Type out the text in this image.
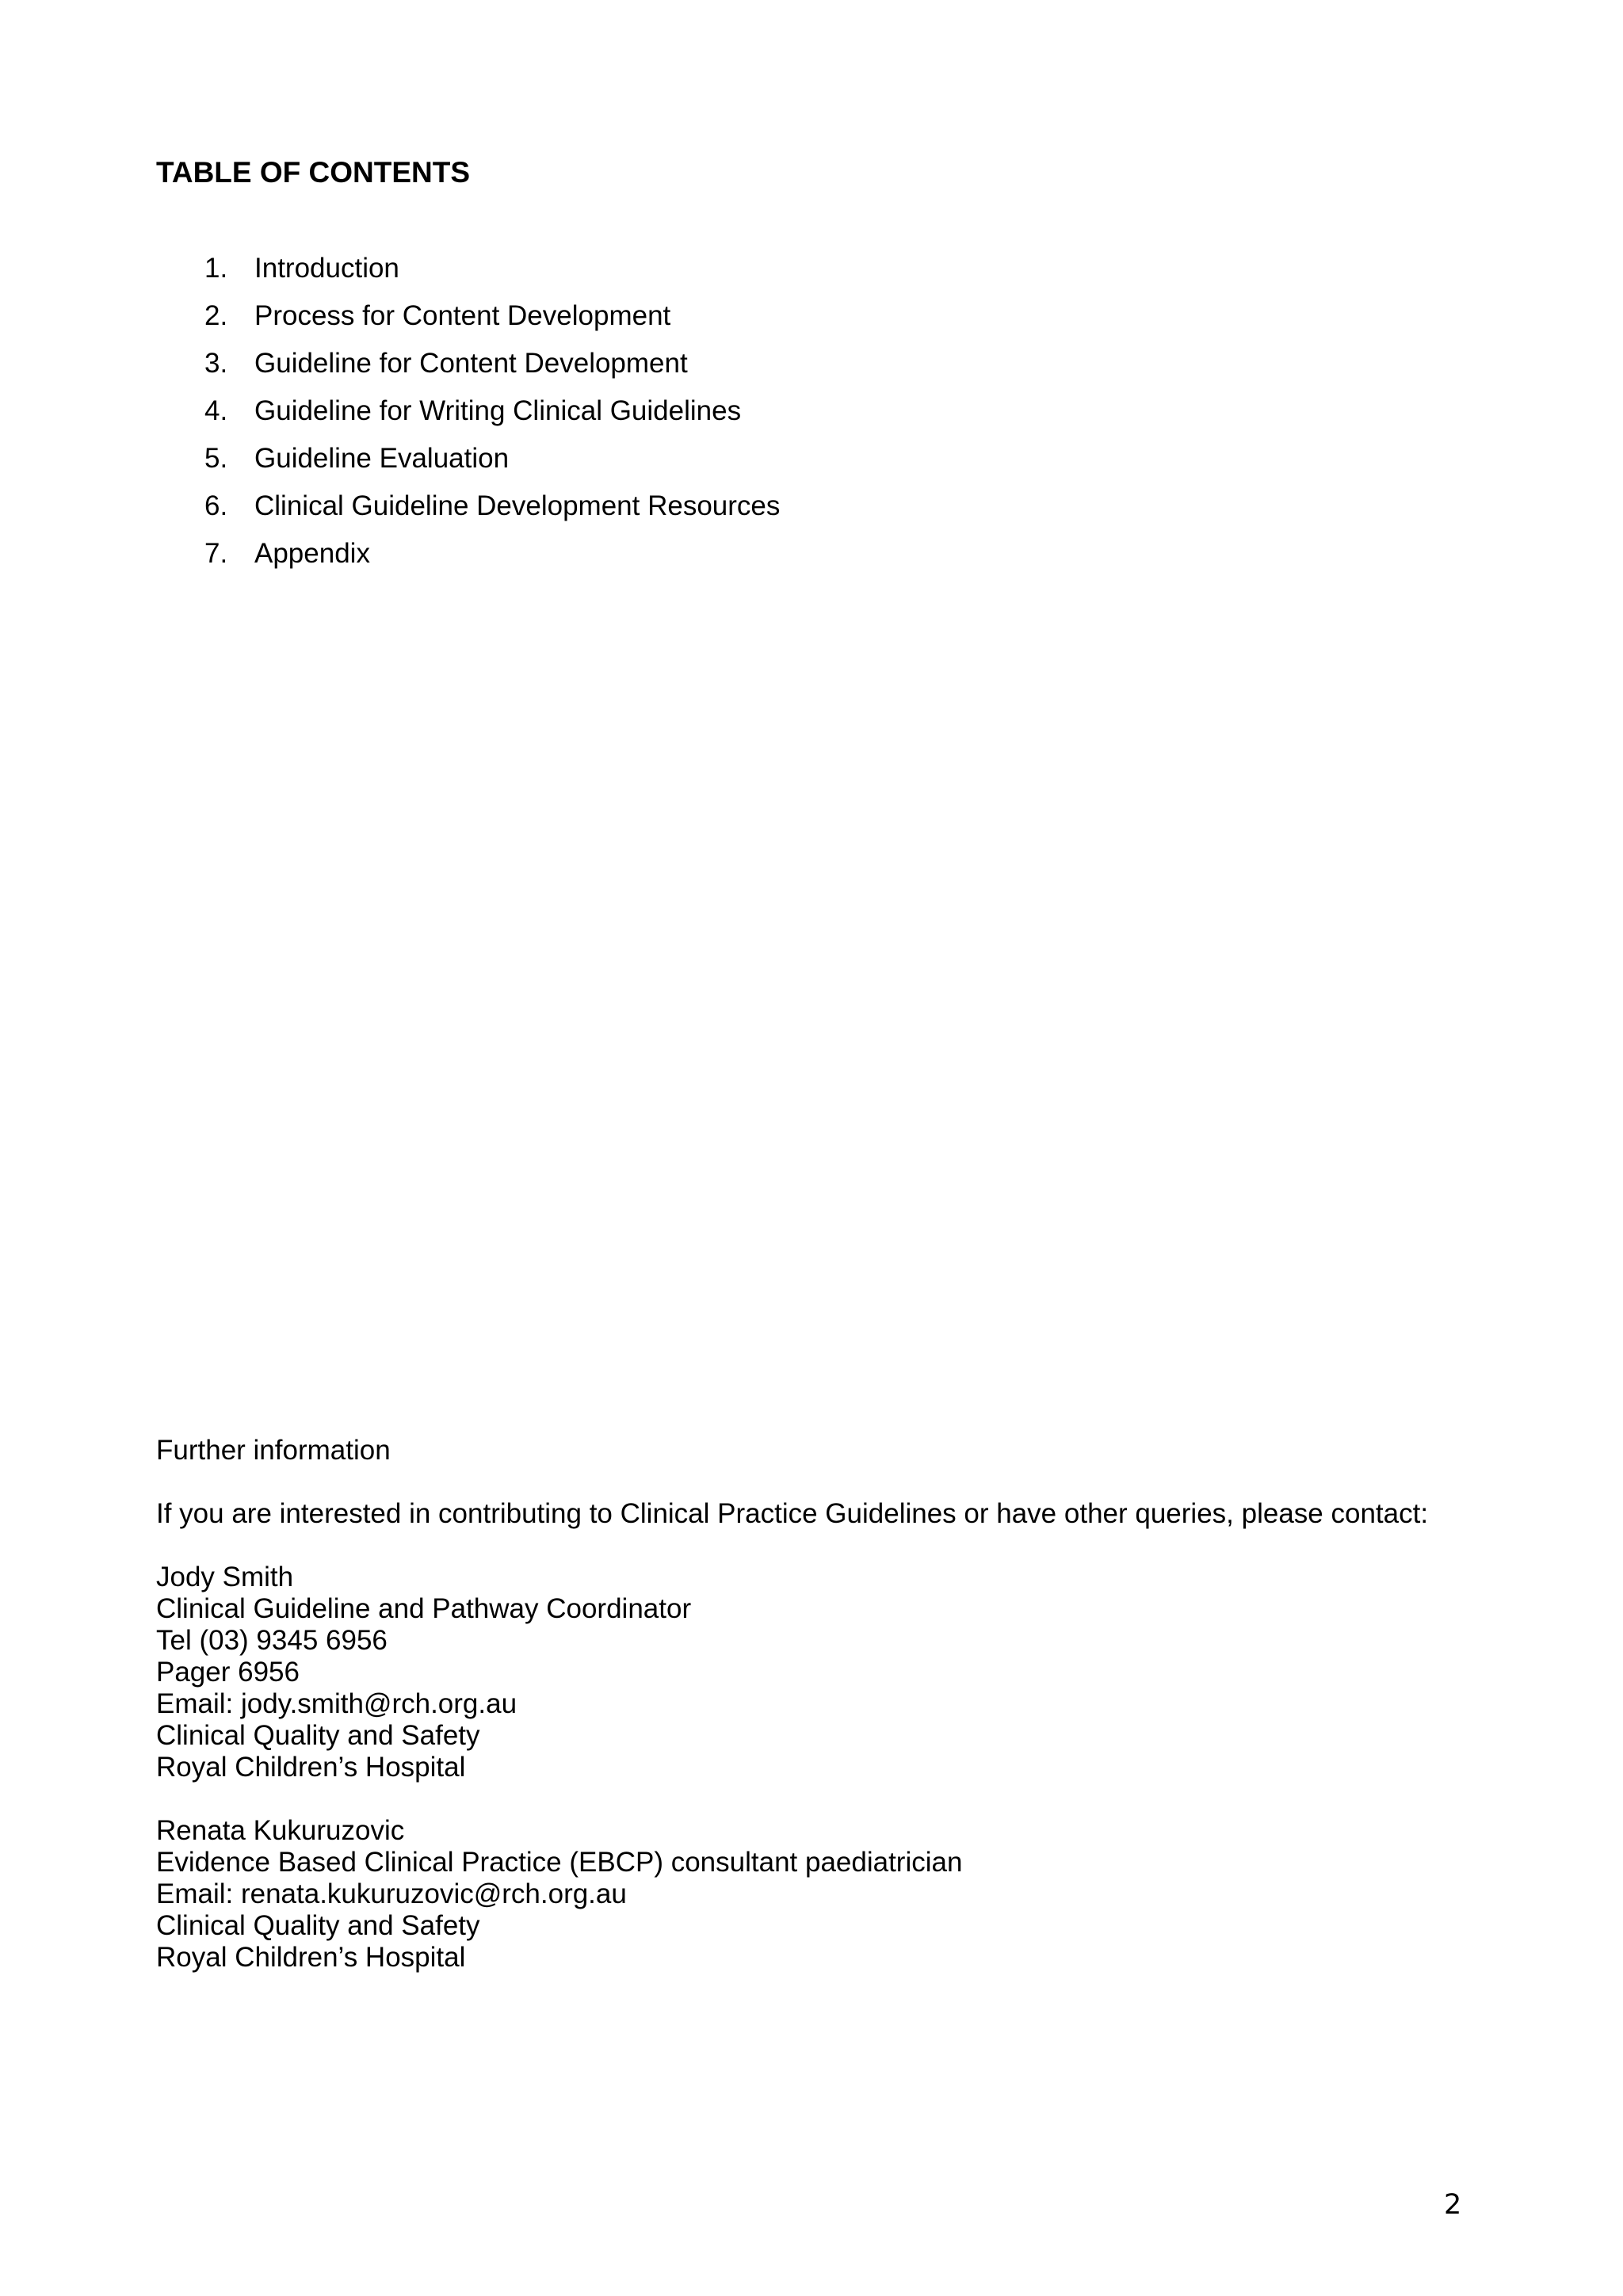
TABLE OF CONTENTS
1. Introduction
2. Process for Content Development
3. Guideline for Content Development
4. Guideline for Writing Clinical Guidelines
5. Guideline Evaluation
6. Clinical Guideline Development Resources
7. Appendix
Further information
If you are interested in contributing to Clinical Practice Guidelines or have other queries, please contact:
Jody Smith
Clinical Guideline and Pathway Coordinator
Tel (03) 9345 6956
Pager 6956
Email: jody.smith@rch.org.au
Clinical Quality and Safety
Royal Children’s Hospital
Renata Kukuruzovic
Evidence Based Clinical Practice (EBCP) consultant paediatrician
Email: renata.kukuruzovic@rch.org.au
Clinical Quality and Safety
Royal Children’s Hospital
2
